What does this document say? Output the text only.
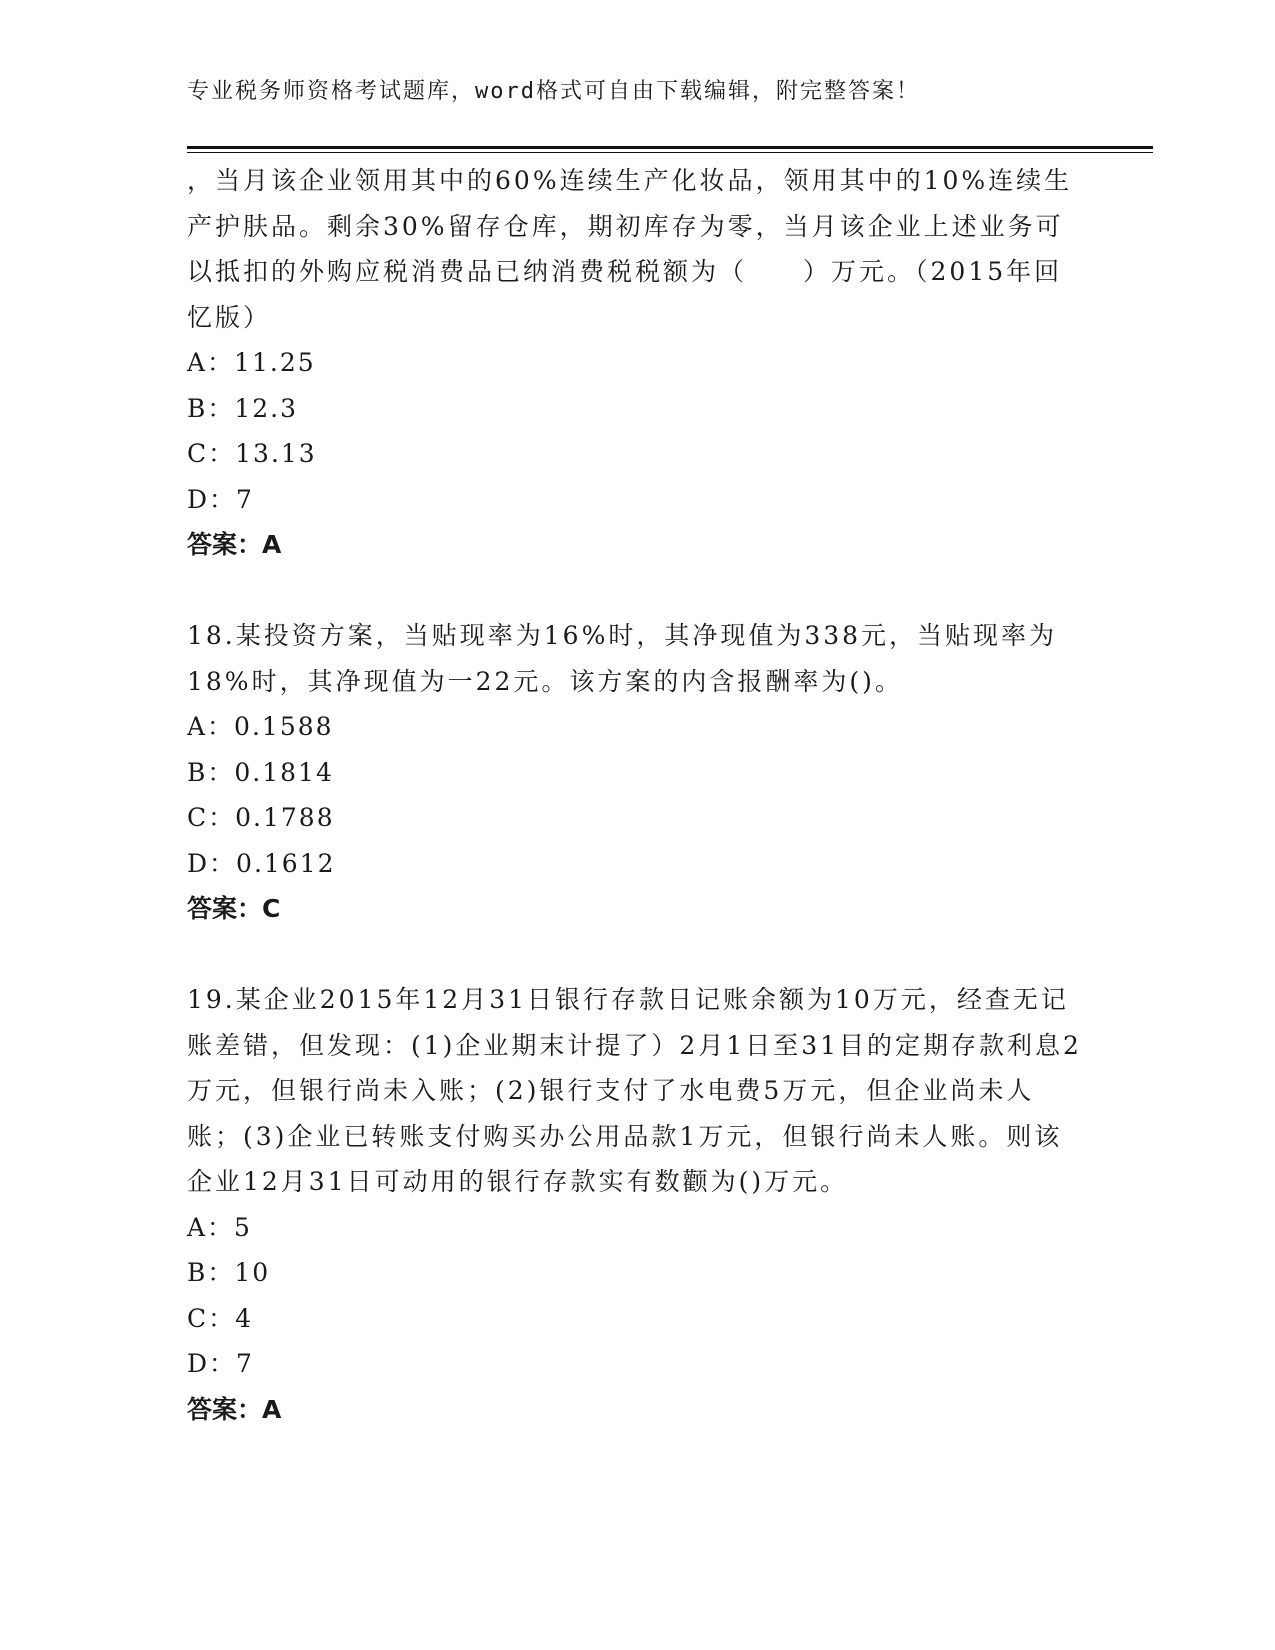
专业税务师资格考试题库，word格式可自由下载编辑，附完整答案！

，当月该企业领用其中的60%连续生产化妆品，领用其中的10%连续生产护肤品。剩余30%留存仓库，期初库存为零，当月该企业上述业务可以抵扣的外购应税消费品已纳消费税税额为（　　）万元。（2015年回忆版）

A：11.25

B：12.3

C：13.13

D：7

答案：A

18.某投资方案，当贴现率为16%时，其净现值为338元，当贴现率为18%时，其净现值为一22元。该方案的内含报酬率为()。

A：0.1588

B：0.1814

C：0.1788

D：0.1612

答案：C

19.某企业2015年12月31日银行存款日记账余额为10万元，经查无记账差错，但发现：(1)企业期末计提了）2月1日至31目的定期存款利息2万元，但银行尚未入账；(2)银行支付了水电费5万元，但企业尚未人账；(3)企业已转账支付购买办公用品款1万元，但银行尚未人账。则该企业12月31日可动用的银行存款实有数颧为()万元。

A：5

B：10

C：4

D：7

答案：A
